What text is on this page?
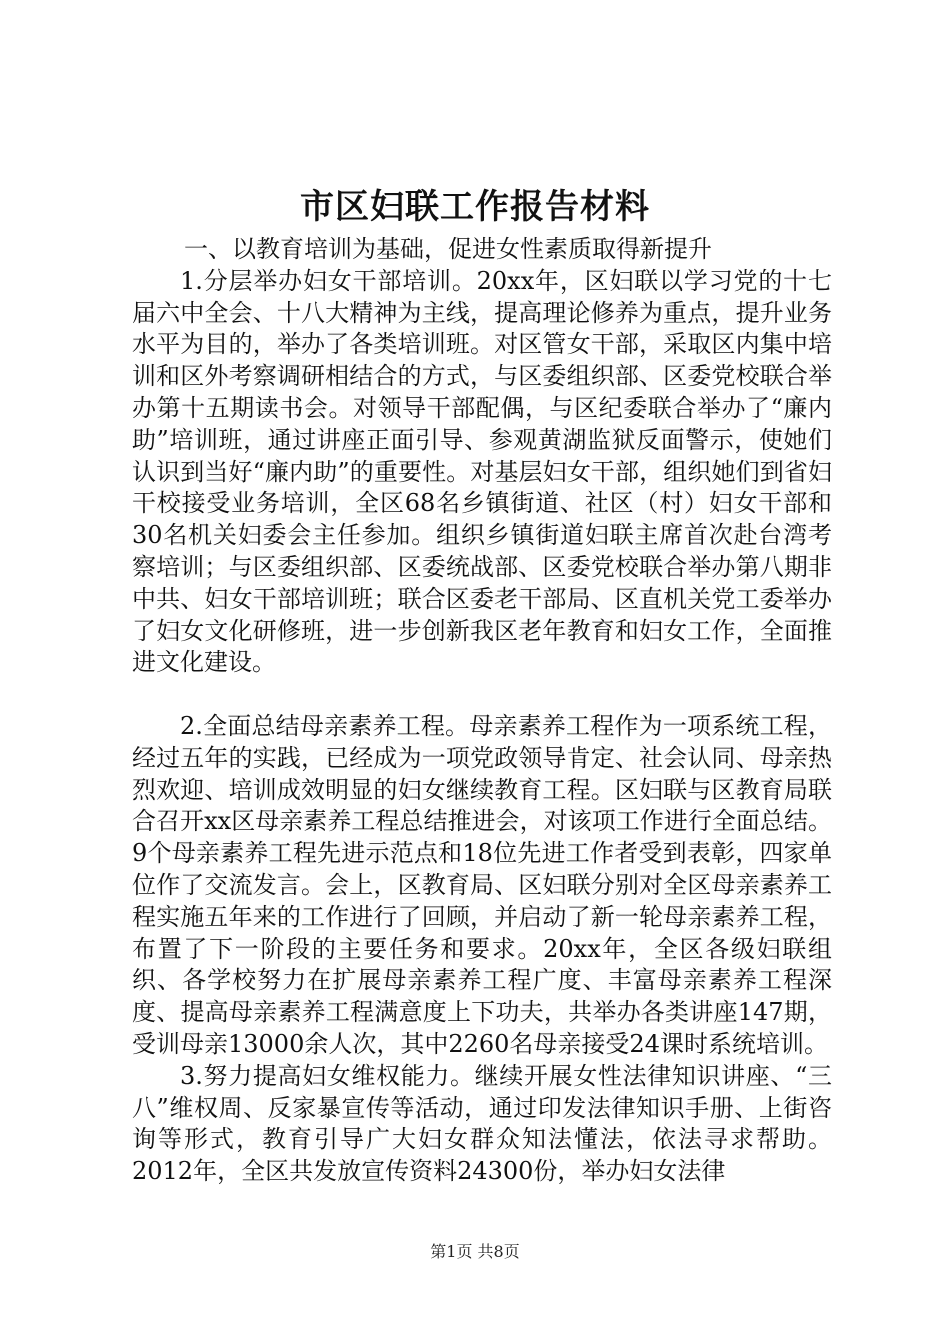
市区妇联工作报告材料

一、以教育培训为基础，促进女性素质取得新提升

1.分层举办妇女干部培训。20xx年，区妇联以学习党的十七届六中全会、十八大精神为主线，提高理论修养为重点，提升业务水平为目的，举办了各类培训班。对区管女干部，采取区内集中培训和区外考察调研相结合的方式，与区委组织部、区委党校联合举办第十五期读书会。对领导干部配偶，与区纪委联合举办了“廉内助”培训班，通过讲座正面引导、参观黄湖监狱反面警示，使她们认识到当好“廉内助”的重要性。对基层妇女干部，组织她们到省妇干校接受业务培训，全区68名乡镇街道、社区（村）妇女干部和30名机关妇委会主任参加。组织乡镇街道妇联主席首次赴台湾考察培训；与区委组织部、区委统战部、区委党校联合举办第八期非中共、妇女干部培训班；联合区委老干部局、区直机关党工委举办了妇女文化研修班，进一步创新我区老年教育和妇女工作，全面推进文化建设。

2.全面总结母亲素养工程。母亲素养工程作为一项系统工程，经过五年的实践，已经成为一项党政领导肯定、社会认同、母亲热烈欢迎、培训成效明显的妇女继续教育工程。区妇联与区教育局联合召开xx区母亲素养工程总结推进会，对该项工作进行全面总结。9个母亲素养工程先进示范点和18位先进工作者受到表彰，四家单位作了交流发言。会上，区教育局、区妇联分别对全区母亲素养工程实施五年来的工作进行了回顾，并启动了新一轮母亲素养工程，布置了下一阶段的主要任务和要求。20xx年，全区各级妇联组织、各学校努力在扩展母亲素养工程广度、丰富母亲素养工程深度、提高母亲素养工程满意度上下功夫，共举办各类讲座147期，受训母亲13000余人次，其中2260名母亲接受24课时系统培训。

3.努力提高妇女维权能力。继续开展女性法律知识讲座、“三八”维权周、反家暴宣传等活动，通过印发法律知识手册、上街咨询等形式，教育引导广大妇女群众知法懂法，依法寻求帮助。2012年，全区共发放宣传资料24300份，举办妇女法律

第1页 共8页
